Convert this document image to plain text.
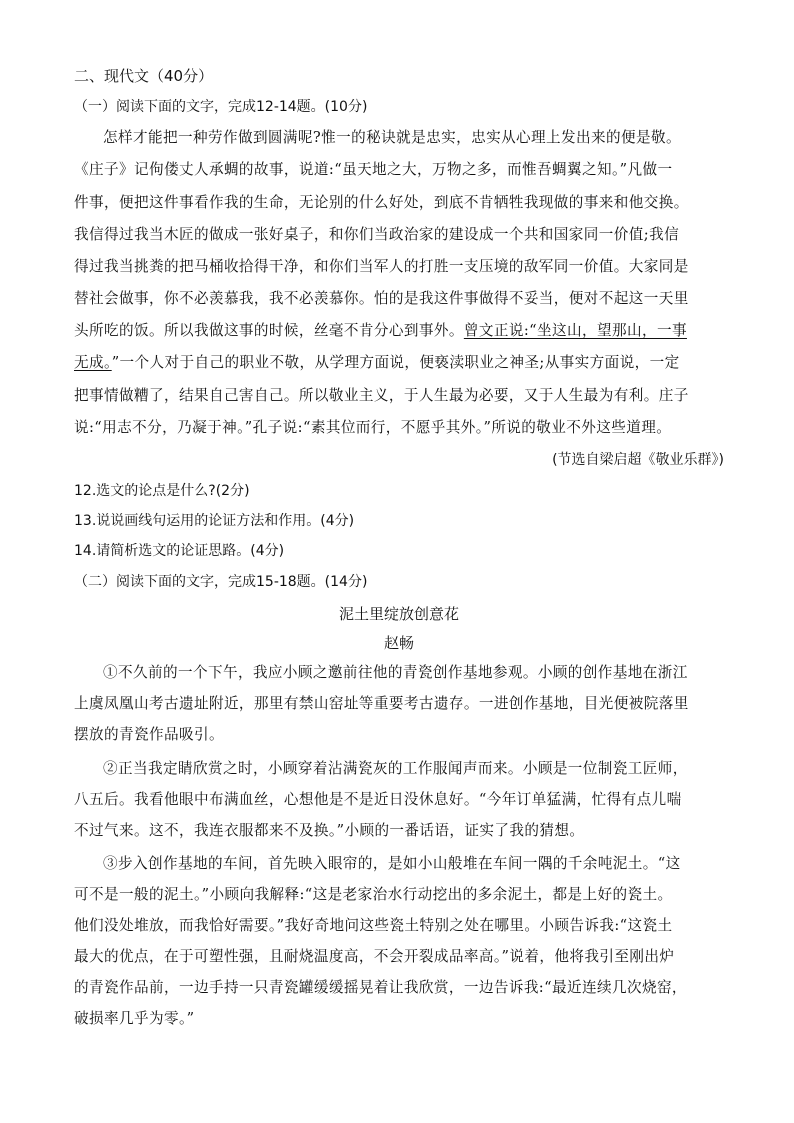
二、现代文（40分）
（一）阅读下面的文字，完成12-14题。(10分)
怎样才能把一种劳作做到圆满呢?惟一的秘诀就是忠实，忠实从心理上发出来的便是敬。
《庄子》记佝偻丈人承蜩的故事，说道:“虽天地之大，万物之多，而惟吾蜩翼之知。”凡做一
件事，便把这件事看作我的生命，无论别的什么好处，到底不肯牺牲我现做的事来和他交换。
我信得过我当木匠的做成一张好桌子，和你们当政治家的建设成一个共和国家同一价值;我信
得过我当挑粪的把马桶收拾得干净，和你们当军人的打胜一支压境的敌军同一价值。大家同是
替社会做事，你不必羡慕我，我不必羡慕你。怕的是我这件事做得不妥当，便对不起这一天里
头所吃的饭。所以我做这事的时候，丝毫不肯分心到事外。曾文正说:“坐这山，望那山，一事
无成。”一个人对于自己的职业不敬，从学理方面说，便亵渎职业之神圣;从事实方面说，一定
把事情做糟了，结果自己害自己。所以敬业主义，于人生最为必要，又于人生最为有利。庄子
说:“用志不分，乃凝于神。”孔子说:“素其位而行，不愿乎其外。”所说的敬业不外这些道理。
(节选自梁启超《敬业乐群》)
12.选文的论点是什么?(2分)
13.说说画线句运用的论证方法和作用。(4分)
14.请简析选文的论证思路。(4分)
（二）阅读下面的文字，完成15-18题。(14分)
泥土里绽放创意花
赵畅
①不久前的一个下午，我应小顾之邀前往他的青瓷创作基地参观。小顾的创作基地在浙江
上虞凤凰山考古遗址附近，那里有禁山窑址等重要考古遗存。一进创作基地，目光便被院落里
摆放的青瓷作品吸引。
②正当我定睛欣赏之时，小顾穿着沾满瓷灰的工作服闻声而来。小顾是一位制瓷工匠师，
八五后。我看他眼中布满血丝，心想他是不是近日没休息好。“今年订单猛满，忙得有点儿喘
不过气来。这不，我连衣服都来不及换。”小顾的一番话语，证实了我的猜想。
③步入创作基地的车间，首先映入眼帘的，是如小山般堆在车间一隅的千余吨泥土。“这
可不是一般的泥土。”小顾向我解释:“这是老家治水行动挖出的多余泥土，都是上好的瓷土。
他们没处堆放，而我恰好需要。”我好奇地问这些瓷土特别之处在哪里。小顾告诉我:“这瓷土
最大的优点，在于可塑性强，且耐烧温度高，不会开裂成品率高。”说着，他将我引至刚出炉
的青瓷作品前，一边手持一只青瓷罐缓缓摇晃着让我欣赏，一边告诉我:“最近连续几次烧窑，
破损率几乎为零。”
